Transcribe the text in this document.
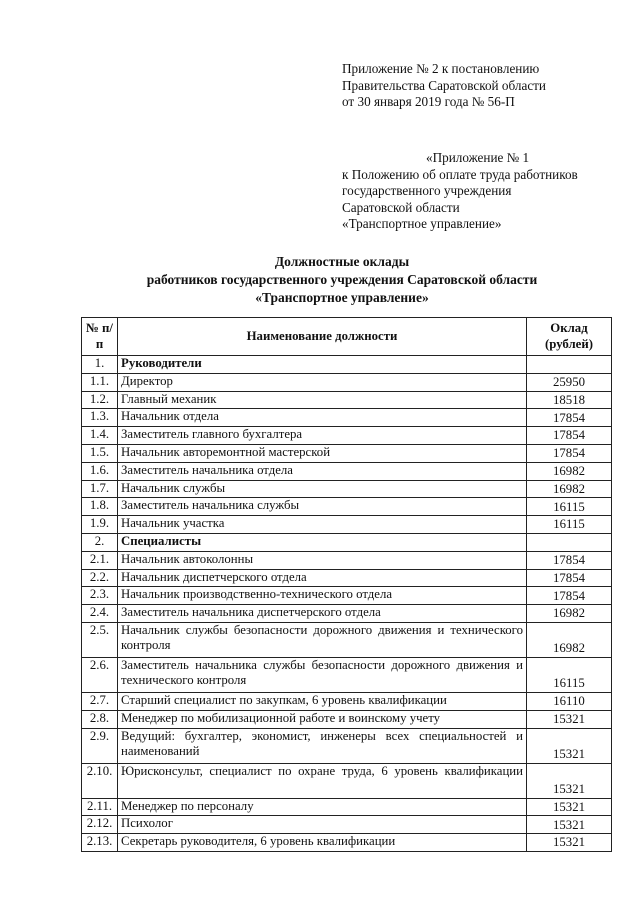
Приложение № 2 к постановлению
Правительства Саратовской области
от 30 января 2019 года № 56-П
«Приложение № 1
к Положению об оплате труда работников
государственного учреждения
Саратовской области
«Транспортное управление»
Должностные оклады
работников государственного учреждения Саратовской области
«Транспортное управление»
№ п/п	Наименование должности	Оклад (рублей)
1.	Руководители	
1.1.	Директор	25950
1.2.	Главный механик	18518
1.3.	Начальник отдела	17854
1.4.	Заместитель главного бухгалтера	17854
1.5.	Начальник авторемонтной мастерской	17854
1.6.	Заместитель начальника отдела	16982
1.7.	Начальник службы	16982
1.8.	Заместитель начальника службы	16115
1.9.	Начальник участка	16115
2.	Специалисты	
2.1.	Начальник автоколонны	17854
2.2.	Начальник диспетчерского отдела	17854
2.3.	Начальник производственно-технического отдела	17854
2.4.	Заместитель начальника диспетчерского отдела	16982
2.5.	Начальник службы безопасности дорожного движения и технического контроля	16982
2.6.	Заместитель начальника службы безопасности дорожного движения и технического контроля	16115
2.7.	Старший специалист по закупкам, 6 уровень квалификации	16110
2.8.	Менеджер по мобилизационной работе и воинскому учету	15321
2.9.	Ведущий: бухгалтер, экономист, инженеры всех специальностей и наименований	15321
2.10.	Юрисконсульт, специалист по охране труда, 6 уровень квалификации	15321
2.11.	Менеджер по персоналу	15321
2.12.	Психолог	15321
2.13.	Секретарь руководителя, 6 уровень квалификации	15321
